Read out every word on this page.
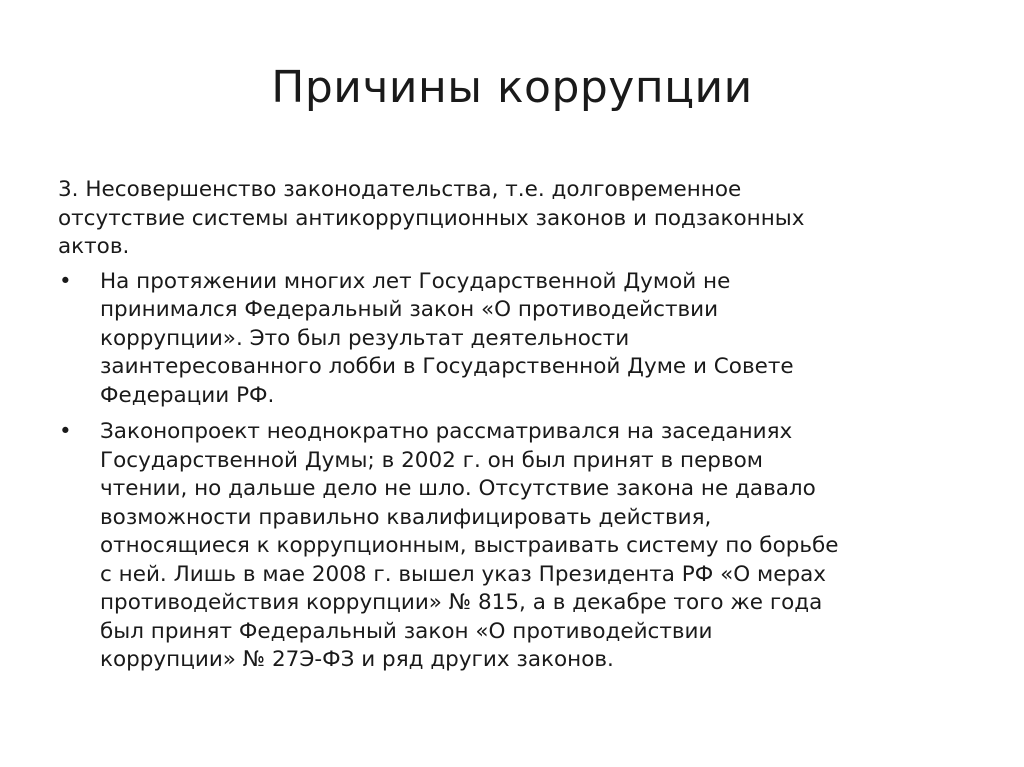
Причины коррупции

3. Несовершенство законодательства, т.е. долговременное
отсутствие системы антикоррупционных законов и подзаконных
актов.

• На протяжении многих лет Государственной Думой не
принимался Федеральный закон «О противодействии
коррупции». Это был результат деятельности
заинтересованного лобби в Государственной Думе и Совете
Федерации РФ.
• Законопроект неоднократно рассматривался на заседаниях
Государственной Думы; в 2002 г. он был принят в первом
чтении, но дальше дело не шло. Отсутствие закона не давало
возможности правильно квалифицировать действия,
относящиеся к коррупционным, выстраивать систему по борьбе
с ней. Лишь в мае 2008 г. вышел указ Президента РФ «О мерах
противодействия коррупции» № 815, а в декабре того же года
был принят Федеральный закон «О противодействии
коррупции» № 27Э-ФЗ и ряд других законов.
